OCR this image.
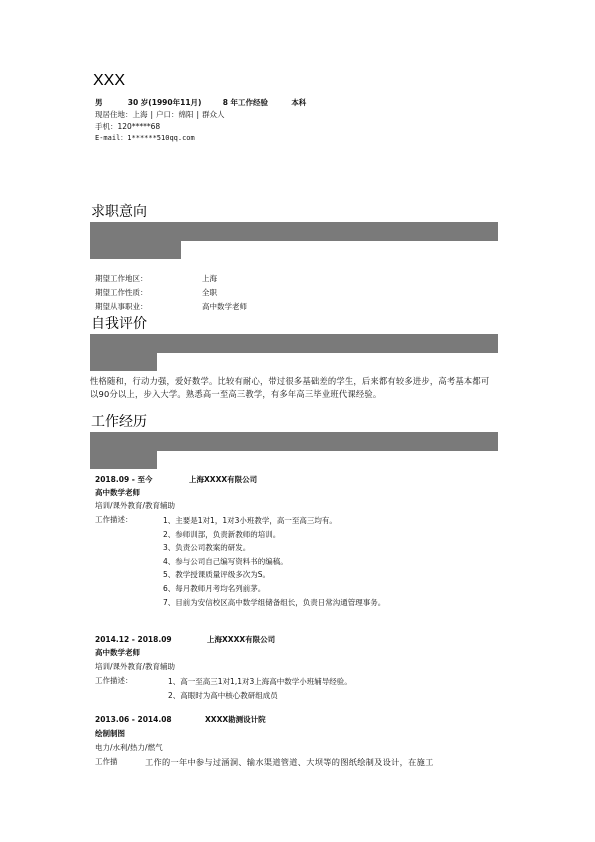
XXX
男	30 岁(1990年11月)	8 年工作经验	本科
现居住地：上海 | 户口：绵阳 | 群众人
手机：120*****68
E-mail：1******510qq.com
求职意向
期望工作地区：	上海
期望工作性质：	全职
期望从事职业：	高中数学老师
自我评价
性格随和，行动力强，爱好数学。比较有耐心，带过很多基础差的学生，后来都有较多进步，高考基本都可以90分以上，步入大学。熟悉高一至高三教学，有多年高三毕业班代课经验。
工作经历
2018.09 - 至今	上海XXXX有限公司
高中数学老师
培训/课外教育/教育辅助
工作描述：	1、主要是1对1，1对3小班教学，高一至高三均有。
2、参师训部，负责新教师的培训。
3、负责公司教案的研发。
4、参与公司自己编写资料书的编稿。
5、教学授课质量评级多次为S。
6、每月教师月考均名列前茅。
7、目前为安信校区高中数学组储备组长，负责日常沟通管理事务。
2014.12 - 2018.09	上海XXXX有限公司
高中数学老师
培训/课外教育/教育辅助
工作描述：	1、高一至高三1对1,1对3上海高中数学小班辅导经验。
2、高眼时为高中核心教研组成员
2013.06 - 2014.08	XXXX勘测设计院
绘制制图
电力/水利/热力/燃气
工作描	工作的一年中参与过涵洞、输水渠道管道、大坝等的图纸绘制及设计，在施工
